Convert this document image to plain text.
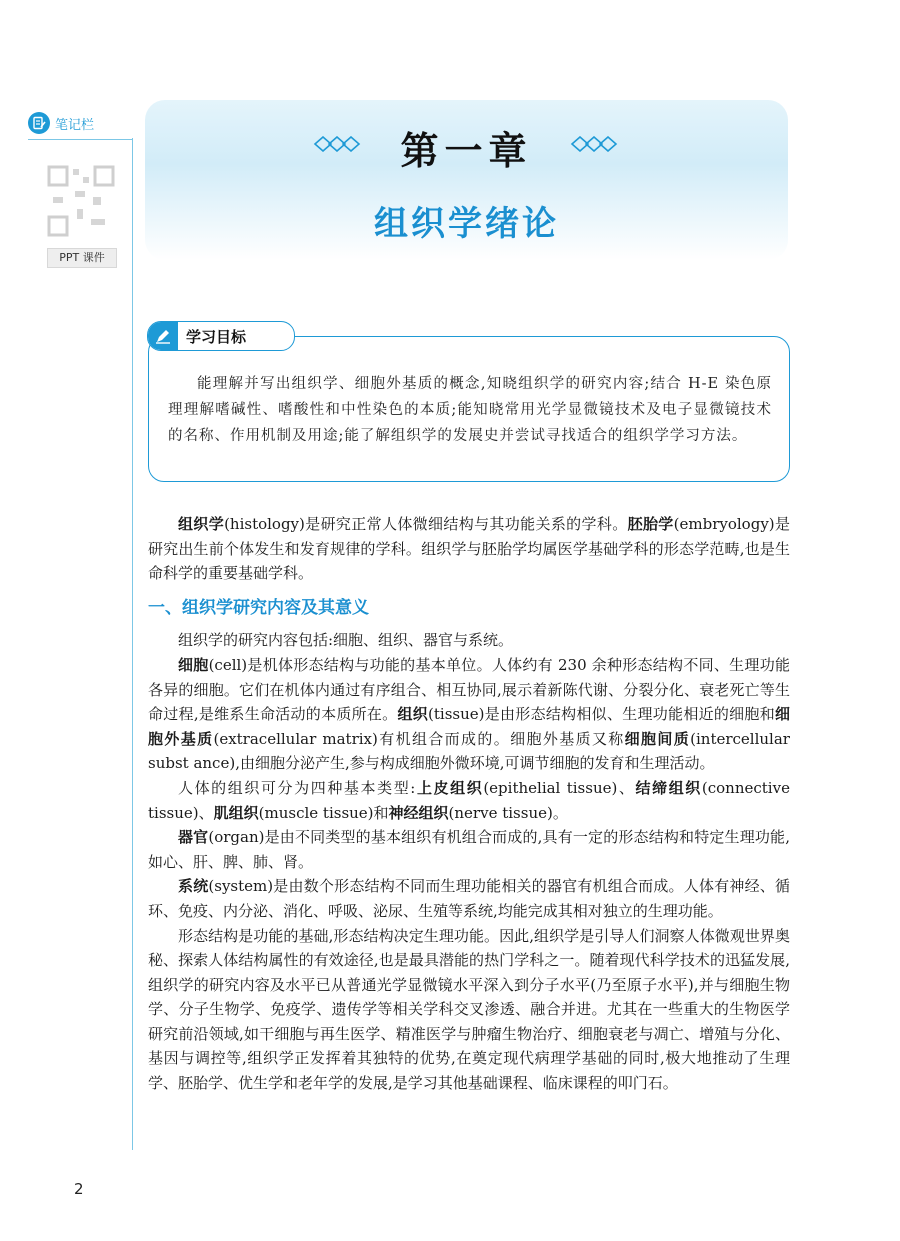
笔记栏
PPT 课件
第一章
组织学绪论
学习目标
能理解并写出组织学、细胞外基质的概念,知晓组织学的研究内容;结合 H-E 染色原理理解嗜碱性、嗜酸性和中性染色的本质;能知晓常用光学显微镜技术及电子显微镜技术的名称、作用机制及用途;能了解组织学的发展史并尝试寻找适合的组织学学习方法。

组织学(histology)是研究正常人体微细结构与其功能关系的学科。胚胎学(embryology)是研究出生前个体发生和发育规律的学科。组织学与胚胎学均属医学基础学科的形态学范畴,也是生命科学的重要基础学科。

一、组织学研究内容及其意义

组织学的研究内容包括:细胞、组织、器官与系统。

细胞(cell)是机体形态结构与功能的基本单位。人体约有 230 余种形态结构不同、生理功能各异的细胞。它们在机体内通过有序组合、相互协同,展示着新陈代谢、分裂分化、衰老死亡等生命过程,是维系生命活动的本质所在。组织(tissue)是由形态结构相似、生理功能相近的细胞和细胞外基质(extracellular matrix)有机组合而成的。细胞外基质又称细胞间质(intercellular subst ance),由细胞分泌产生,参与构成细胞外微环境,可调节细胞的发育和生理活动。

人体的组织可分为四种基本类型:上皮组织(epithelial tissue)、结缔组织(connective tissue)、肌组织(muscle tissue)和神经组织(nerve tissue)。

器官(organ)是由不同类型的基本组织有机组合而成的,具有一定的形态结构和特定生理功能,如心、肝、脾、肺、肾。

系统(system)是由数个形态结构不同而生理功能相关的器官有机组合而成。人体有神经、循环、免疫、内分泌、消化、呼吸、泌尿、生殖等系统,均能完成其相对独立的生理功能。

形态结构是功能的基础,形态结构决定生理功能。因此,组织学是引导人们洞察人体微观世界奥秘、探索人体结构属性的有效途径,也是最具潜能的热门学科之一。随着现代科学技术的迅猛发展,组织学的研究内容及水平已从普通光学显微镜水平深入到分子水平(乃至原子水平),并与细胞生物学、分子生物学、免疫学、遗传学等相关学科交叉渗透、融合并进。尤其在一些重大的生物医学研究前沿领域,如干细胞与再生医学、精准医学与肿瘤生物治疗、细胞衰老与凋亡、增殖与分化、基因与调控等,组织学正发挥着其独特的优势,在奠定现代病理学基础的同时,极大地推动了生理学、胚胎学、优生学和老年学的发展,是学习其他基础课程、临床课程的叩门石。

2
